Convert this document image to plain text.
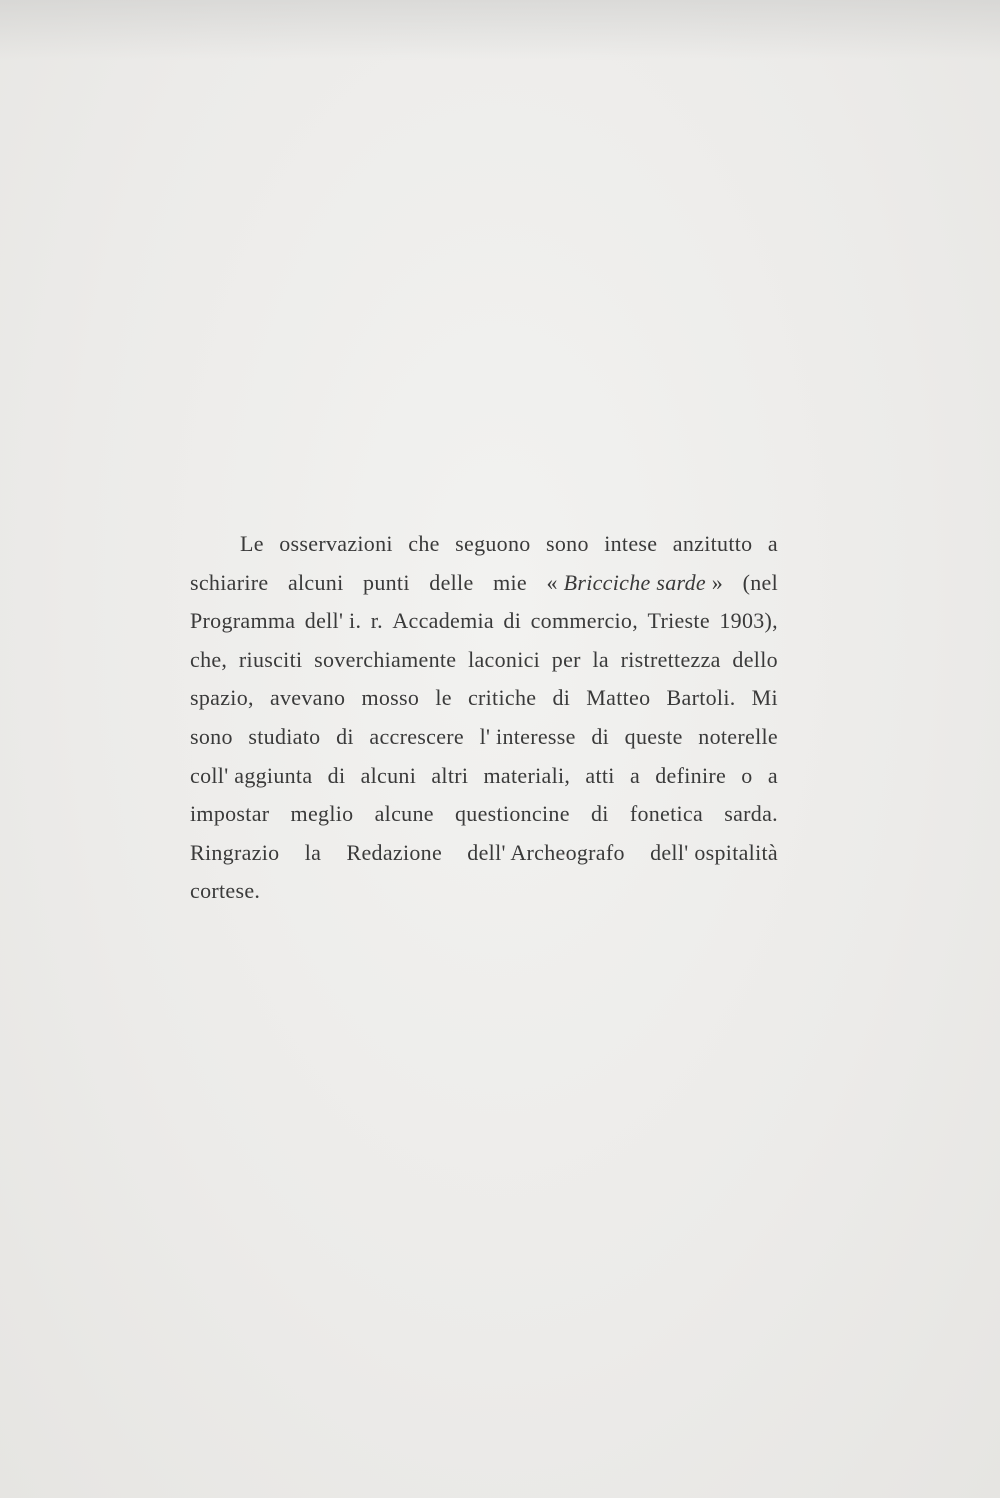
Le osservazioni che seguono sono intese anzitutto a
schiarire alcuni punti delle mie « Bricciche sarde » (nel
Programma dell' i. r. Accademia di commercio, Trieste 1903),
che, riusciti soverchiamente laconici per la ristrettezza dello
spazio, avevano mosso le critiche di Matteo Bartoli. Mi
sono studiato di accrescere l' interesse di queste noterelle
coll' aggiunta di alcuni altri materiali, atti a definire o a
impostar meglio alcune questioncine di fonetica sarda.
Ringrazio la Redazione dell' Archeografo dell' ospitalità
cortese.
